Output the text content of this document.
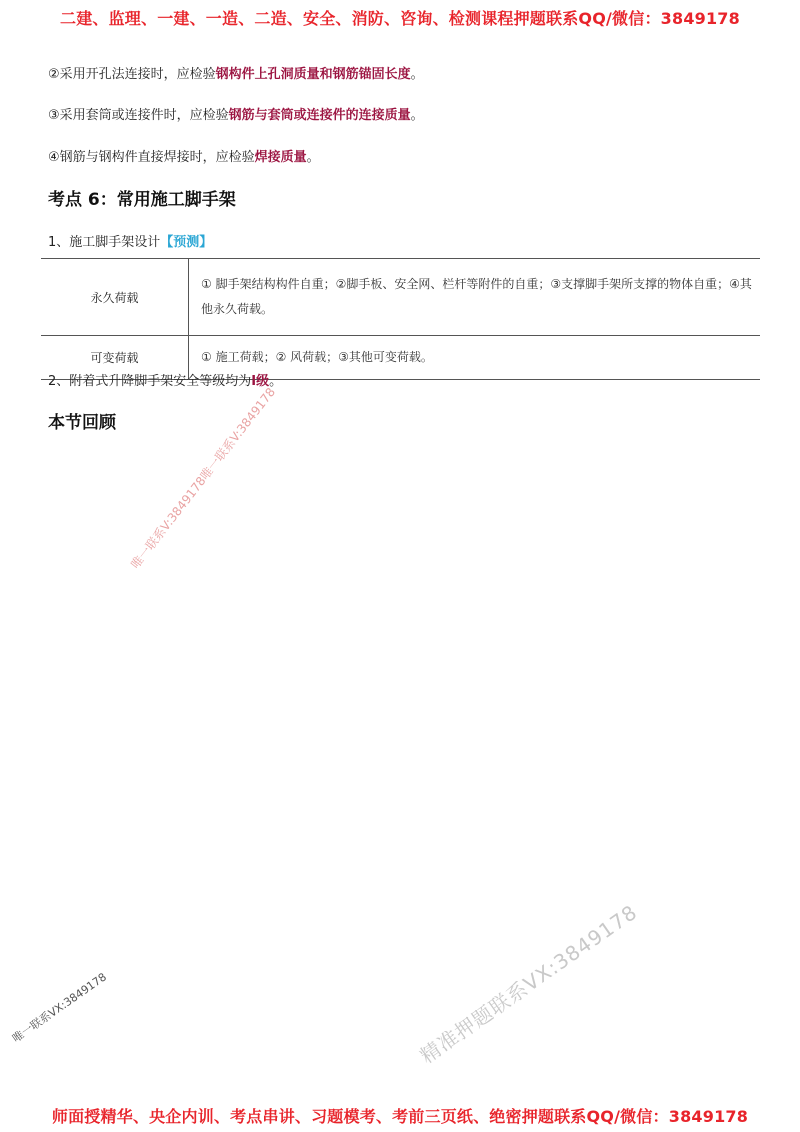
二建、监理、一建、一造、二造、安全、消防、咨询、检测课程押题联系QQ/微信：3849178
②采用开孔法连接时，应检验钢构件上孔洞质量和钢筋锚固长度。
③采用套筒或连接件时，应检验钢筋与套筒或连接件的连接质量。
④钢筋与钢构件直接焊接时，应检验焊接质量。
考点 6：常用施工脚手架
1、施工脚手架设计【预测】
永久荷载	① 脚手架结构构件自重；②脚手板、安全网、栏杆等附件的自重；③支撑脚手架所支撑的物体自重；④其他永久荷载。
可变荷载	① 施工荷载；② 风荷载；③其他可变荷载。
2、附着式升降脚手架安全等级均为Ⅰ级。
本节回顾 唯一联系V:3849178唯一联系V:3849178
唯一联系VX:3849178	精准押题联系VX:3849178
师面授精华、央企内训、考点串讲、习题模考、考前三页纸、绝密押题联系QQ/微信：3849178
